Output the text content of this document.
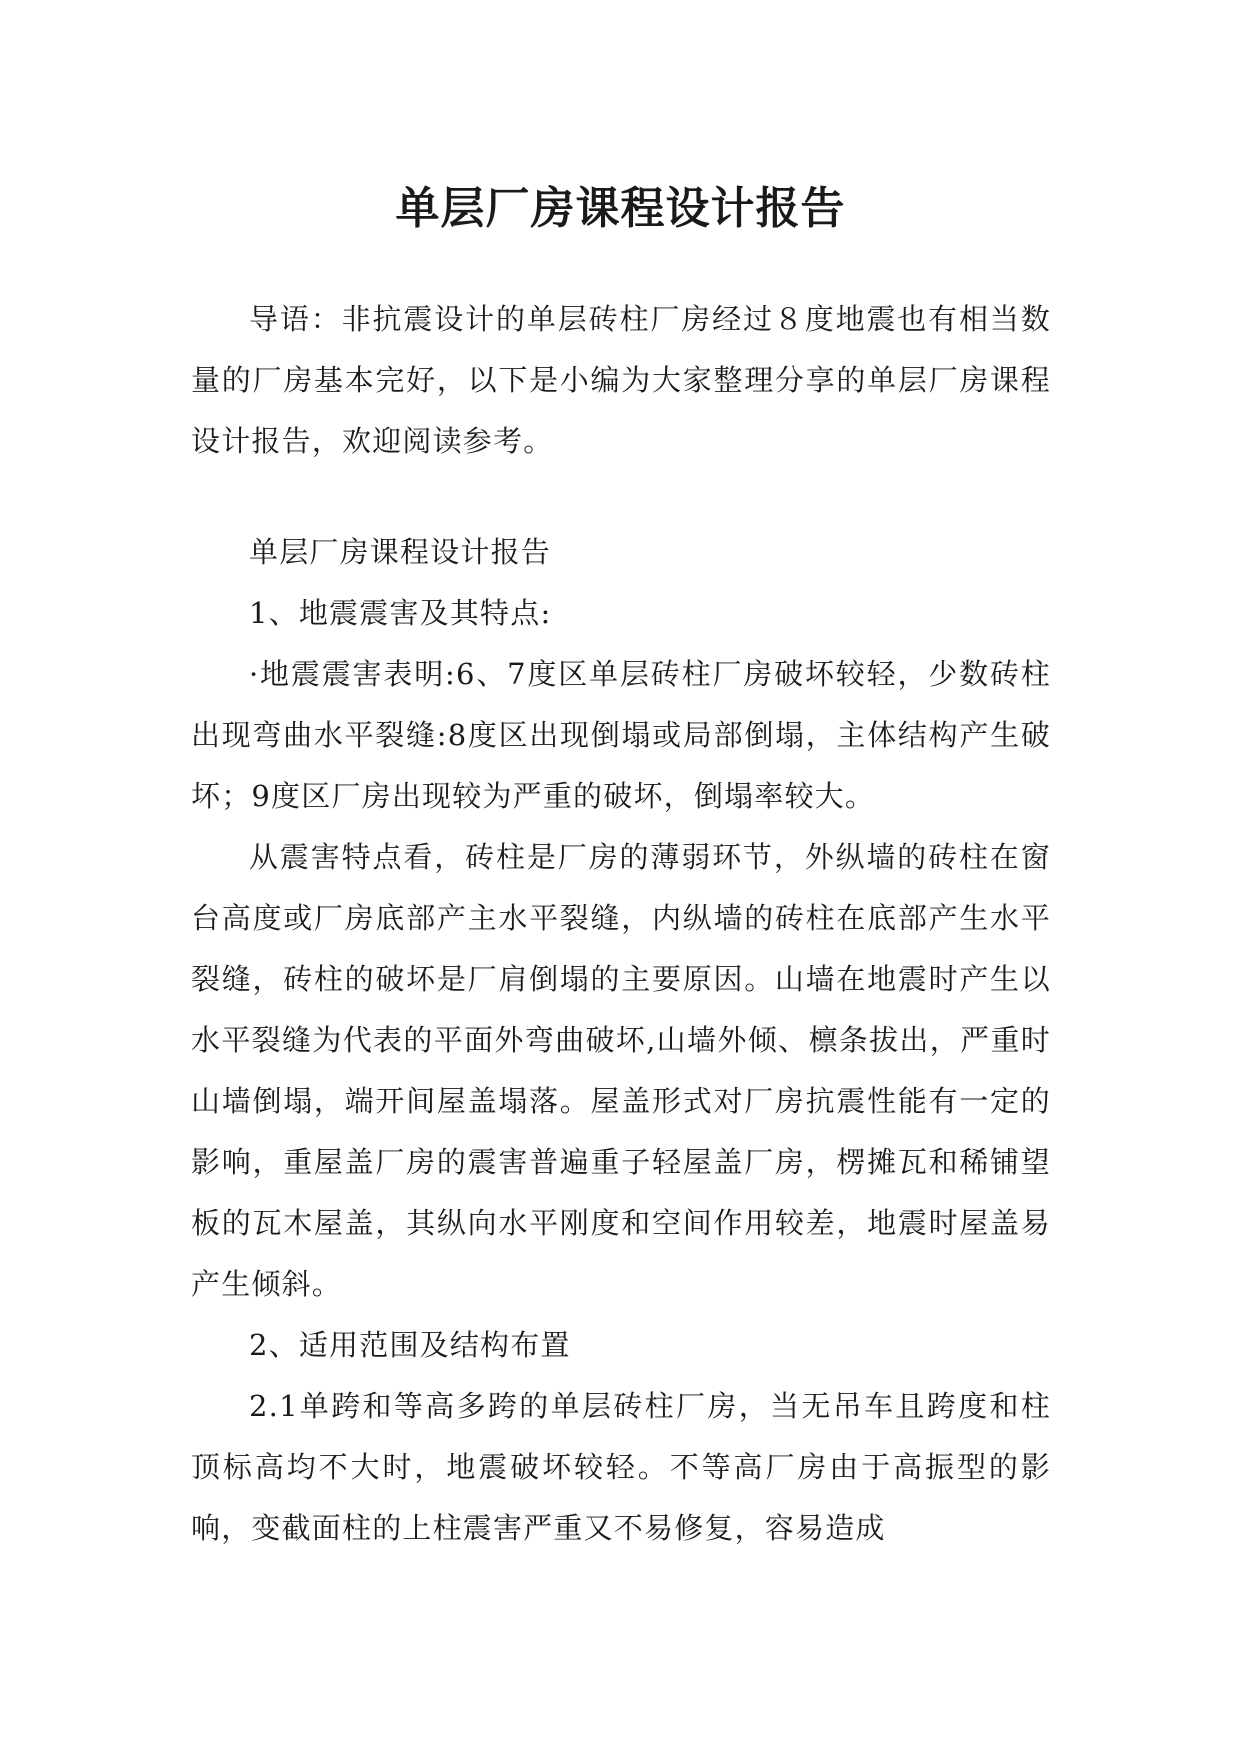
单层厂房课程设计报告

导语：非抗震设计的单层砖柱厂房经过８度地震也有相当数量的厂房基本完好，以下是小编为大家整理分享的单层厂房课程设计报告，欢迎阅读参考。

单层厂房课程设计报告

1、地震震害及其特点:

·地震震害表明:6、7度区单层砖柱厂房破坏较轻，少数砖柱出现弯曲水平裂缝:8度区出现倒塌或局部倒塌，主体结构产生破坏；9度区厂房出现较为严重的破坏，倒塌率较大。

从震害特点看，砖柱是厂房的薄弱环节，外纵墙的砖柱在窗台高度或厂房底部产主水平裂缝，内纵墙的砖柱在底部产生水平裂缝，砖柱的破坏是厂肩倒塌的主要原因。山墙在地震时产生以水平裂缝为代表的平面外弯曲破坏,山墙外倾、檩条拔出，严重时山墙倒塌，端开间屋盖塌落。屋盖形式对厂房抗震性能有一定的影响，重屋盖厂房的震害普遍重子轻屋盖厂房，楞摊瓦和稀铺望板的瓦木屋盖，其纵向水平刚度和空间作用较差，地震时屋盖易产生倾斜。

2、适用范围及结构布置

2.1单跨和等高多跨的单层砖柱厂房，当无吊车且跨度和柱顶标高均不大时，地震破坏较轻。不等高厂房由于高振型的影响，变截面柱的上柱震害严重又不易修复，容易造成
